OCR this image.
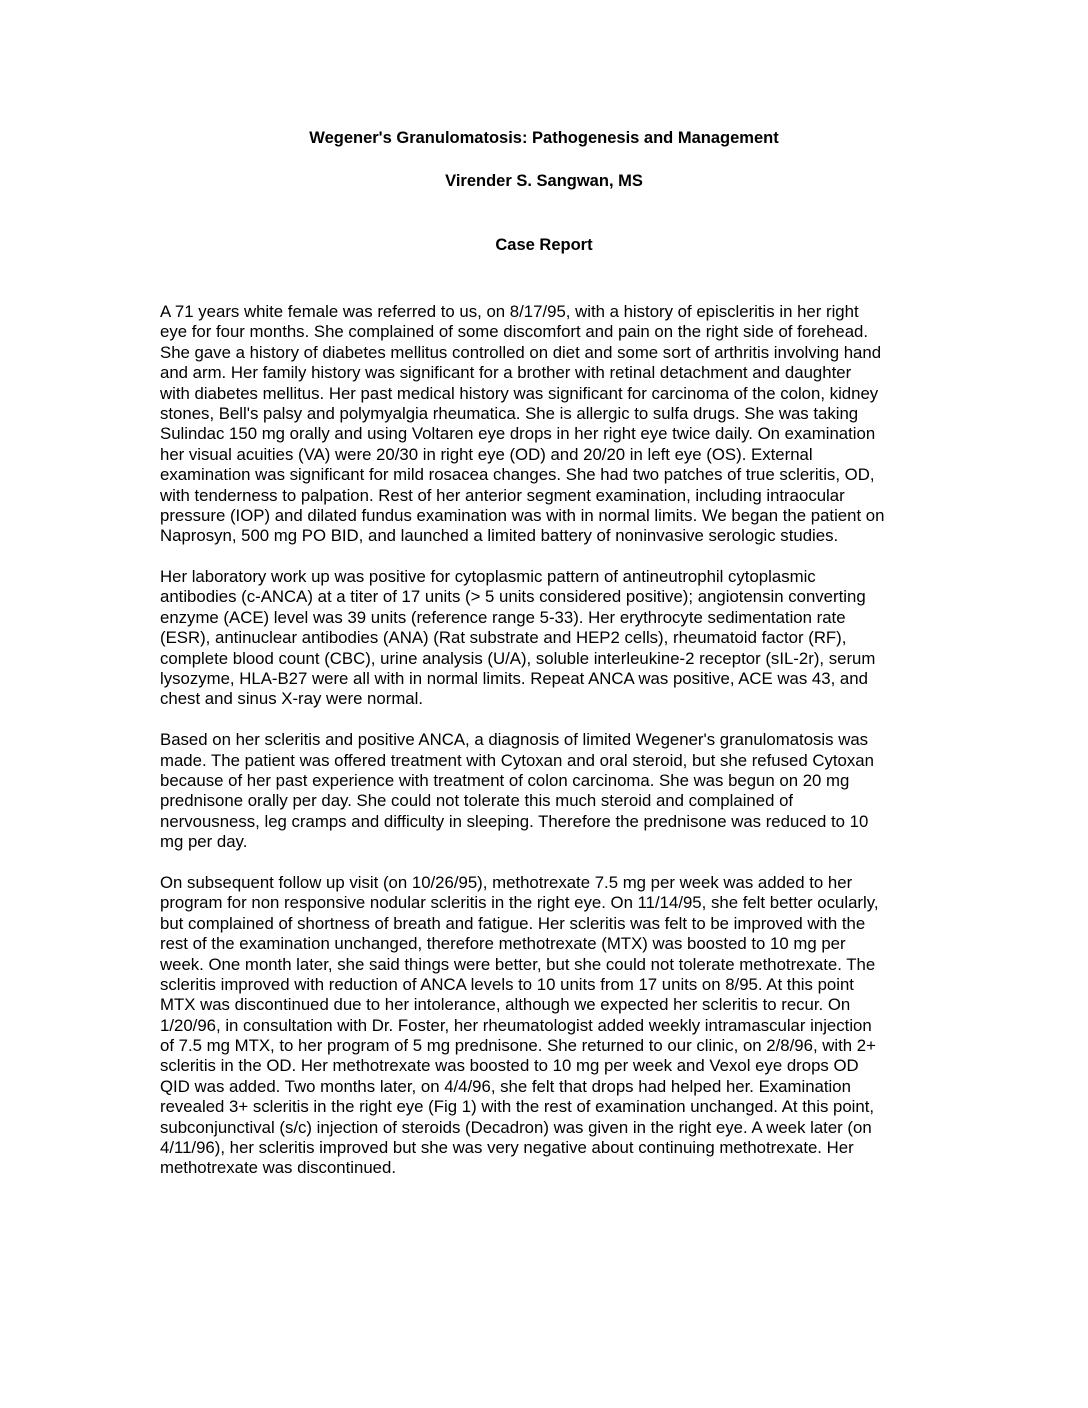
Wegener's Granulomatosis: Pathogenesis and Management
Virender S. Sangwan, MS
Case Report

A 71 years white female was referred to us, on 8/17/95, with a history of episcleritis in her right
eye for four months. She complained of some discomfort and pain on the right side of forehead.
She gave a history of diabetes mellitus controlled on diet and some sort of arthritis involving hand
and arm. Her family history was significant for a brother with retinal detachment and daughter
with diabetes mellitus. Her past medical history was significant for carcinoma of the colon, kidney
stones, Bell's palsy and polymyalgia rheumatica. She is allergic to sulfa drugs. She was taking
Sulindac 150 mg orally and using Voltaren eye drops in her right eye twice daily. On examination
her visual acuities (VA) were 20/30 in right eye (OD) and 20/20 in left eye (OS). External
examination was significant for mild rosacea changes. She had two patches of true scleritis, OD,
with tenderness to palpation. Rest of her anterior segment examination, including intraocular
pressure (IOP) and dilated fundus examination was with in normal limits. We began the patient on
Naprosyn, 500 mg PO BID, and launched a limited battery of noninvasive serologic studies.

Her laboratory work up was positive for cytoplasmic pattern of antineutrophil cytoplasmic
antibodies (c-ANCA) at a titer of 17 units (> 5 units considered positive); angiotensin converting
enzyme (ACE) level was 39 units (reference range 5-33). Her erythrocyte sedimentation rate
(ESR), antinuclear antibodies (ANA) (Rat substrate and HEP2 cells), rheumatoid factor (RF),
complete blood count (CBC), urine analysis (U/A), soluble interleukine-2 receptor (sIL-2r), serum
lysozyme, HLA-B27 were all with in normal limits. Repeat ANCA was positive, ACE was 43, and
chest and sinus X-ray were normal.

Based on her scleritis and positive ANCA, a diagnosis of limited Wegener's granulomatosis was
made. The patient was offered treatment with Cytoxan and oral steroid, but she refused Cytoxan
because of her past experience with treatment of colon carcinoma. She was begun on 20 mg
prednisone orally per day. She could not tolerate this much steroid and complained of
nervousness, leg cramps and difficulty in sleeping. Therefore the prednisone was reduced to 10
mg per day.

On subsequent follow up visit (on 10/26/95), methotrexate 7.5 mg per week was added to her
program for non responsive nodular scleritis in the right eye. On 11/14/95, she felt better ocularly,
but complained of shortness of breath and fatigue. Her scleritis was felt to be improved with the
rest of the examination unchanged, therefore methotrexate (MTX) was boosted to 10 mg per
week. One month later, she said things were better, but she could not tolerate methotrexate. The
scleritis improved with reduction of ANCA levels to 10 units from 17 units on 8/95. At this point
MTX was discontinued due to her intolerance, although we expected her scleritis to recur. On
1/20/96, in consultation with Dr. Foster, her rheumatologist added weekly intramascular injection
of 7.5 mg MTX, to her program of 5 mg prednisone. She returned to our clinic, on 2/8/96, with 2+
scleritis in the OD. Her methotrexate was boosted to 10 mg per week and Vexol eye drops OD
QID was added. Two months later, on 4/4/96, she felt that drops had helped her. Examination
revealed 3+ scleritis in the right eye (Fig 1) with the rest of examination unchanged. At this point,
subconjunctival (s/c) injection of steroids (Decadron) was given in the right eye. A week later (on
4/11/96), her scleritis improved but she was very negative about continuing methotrexate. Her
methotrexate was discontinued.
